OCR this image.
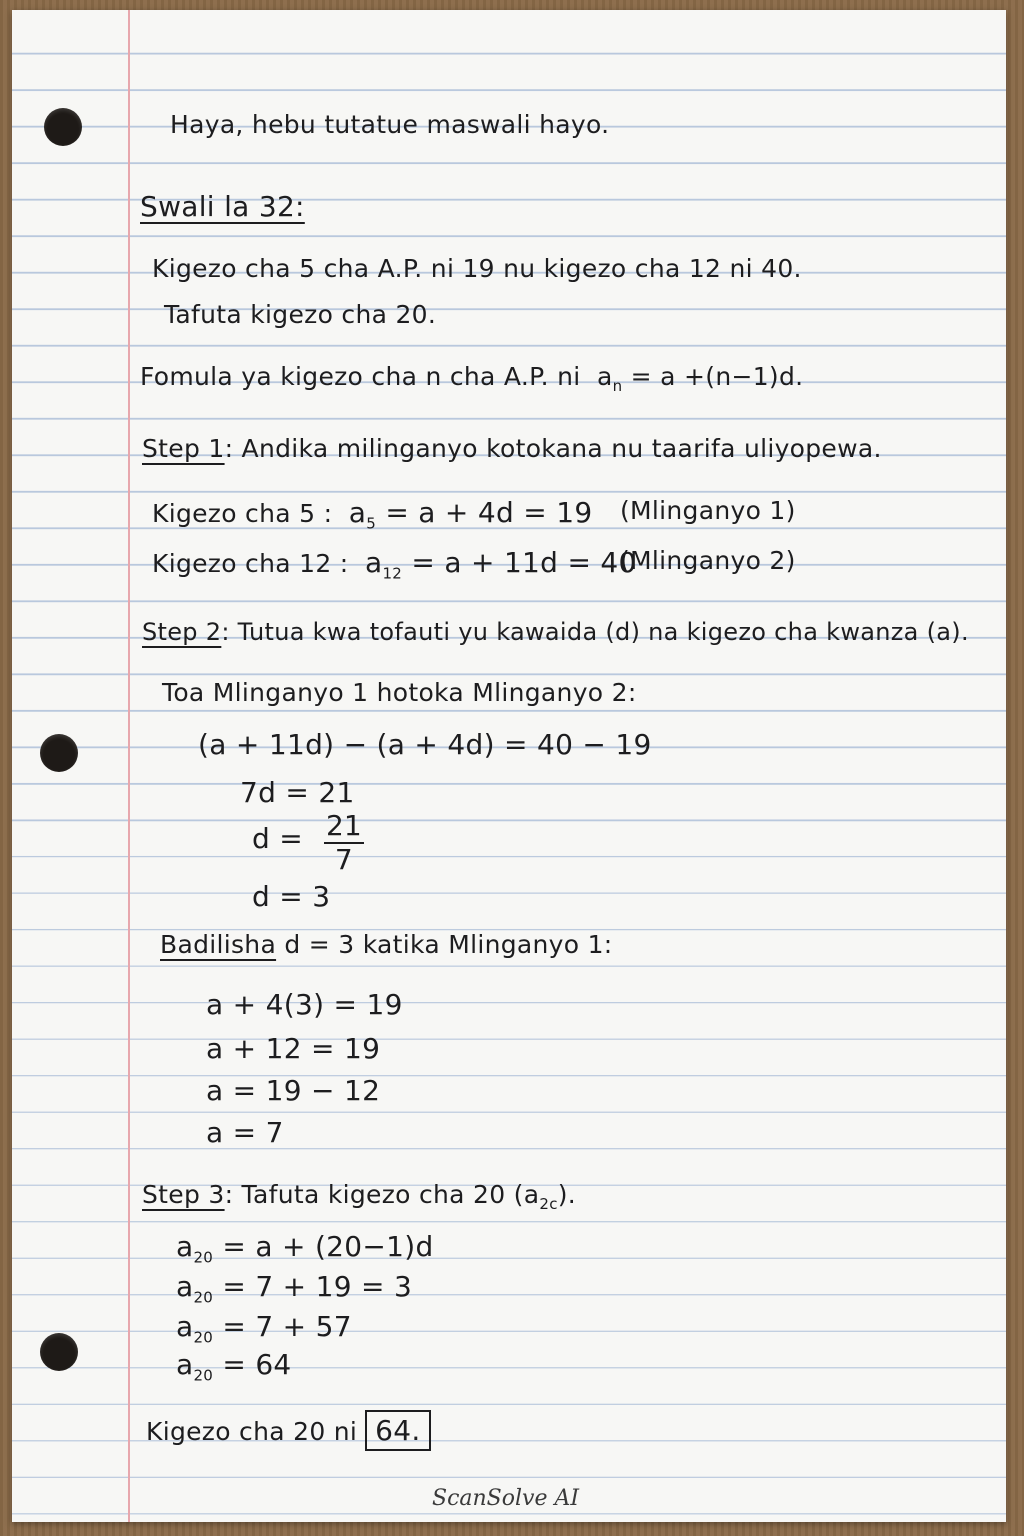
Haya, hebu tutatue maswali hayo.
Swali la 32:
Kigezo cha 5 cha A.P. ni 19 nu kigezo cha 12 ni 40.
Tafuta kigezo cha 20.
Fomula ya kigezo cha n cha A.P. ni $a_n = a +(n-1)d$.
Step 1: Andika milinganyo kotokana nu taarifa uliyopewa.
Kigezo cha 5 : $a_5 = a + 4d = 19$ (Mlinganyo 1)
Kigezo cha 12 : $a_{12} = a + 11d = 40$
(Mlinganyo 2)
Step 2: Tutua kwa tofauti yu kawaida (d) na kigezo cha kwanza (a).
Toa Mlinganyo 1 hotoka Mlinganyo 2:
(a + 11d) − (a + 4d) = 40 − 19
7d = 21
$d = \frac{21}{7}$
d = 3
Badilisha d = 3 katika Mlinganyo 1:
a + 4(3) = 19
a + 12 = 19
a = 19 − 12
a = 7
Step 3: Tafuta kigezo cha 20 $(a_{2c})$.
$a_{20} = a + (20-1)d$
$a_{20} = 7 + 19 = 3$
$a_{20} = 7 + 57$
$a_{20} = 64$
Kigezo cha 20 ni 64.
ScanSolve AI
